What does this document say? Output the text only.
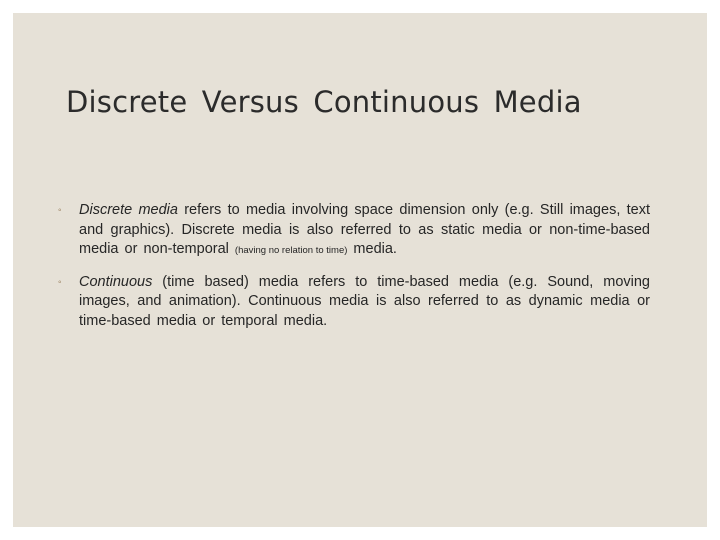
Discrete Versus Continuous Media
◦ Discrete media refers to media involving space dimension only (e.g. Still images, text and graphics). Discrete media is also referred to as static media or non-time-based media or non-temporal (having no relation to time) media.
◦ Continuous (time based) media refers to time-based media (e.g. Sound, moving images, and animation). Continuous media is also referred to as dynamic media or time-based media or temporal media.
